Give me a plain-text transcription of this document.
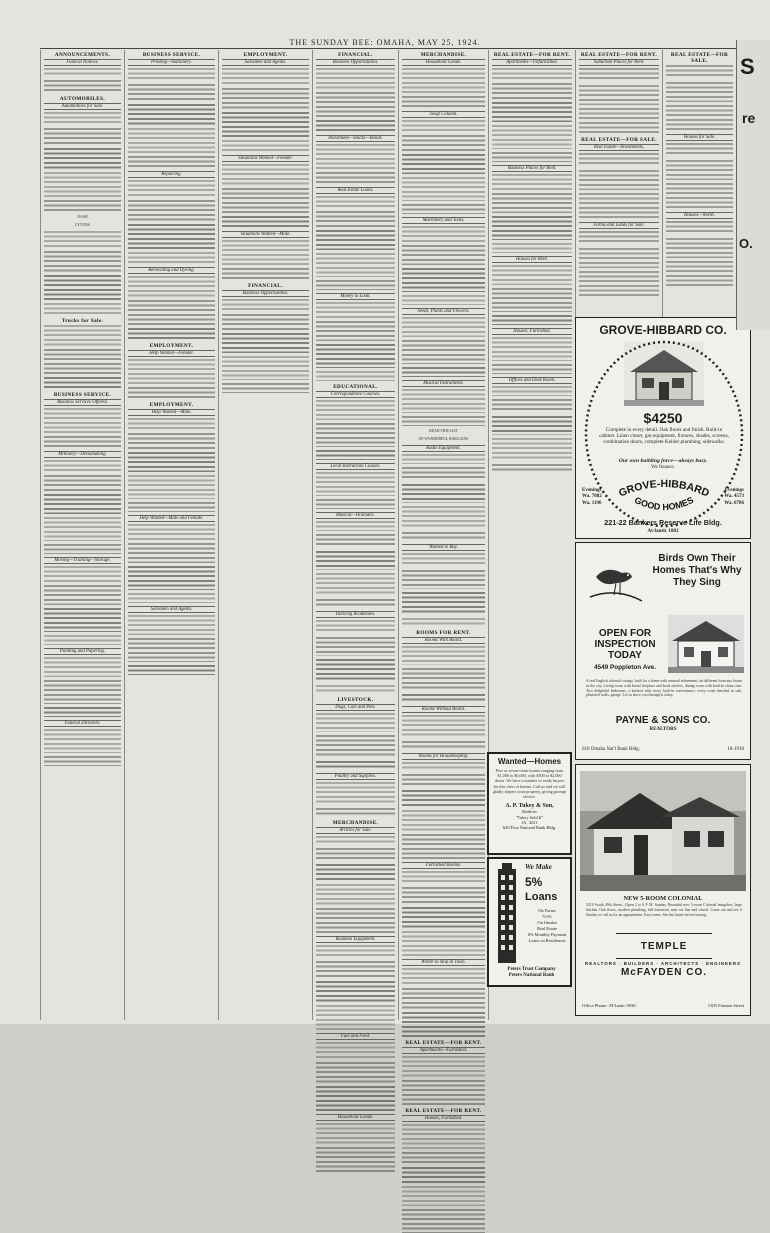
THE SUNDAY BEE: OMAHA, MAY 25, 1924.
ANNOUNCEMENTS.
Funeral Notices.
AUTOMOBILES.
Automobiles for Sale.
NASH
LYTONS
Trucks for Sale.
BUSINESS SERVICE.
Business Services Offered.
Millinery—Dressmaking.
Moving—Trucking—Storage.
Painting and Papering.
Funeral Directors.
BUSINESS SERVICE.
Printing—Stationery.
Repairing.
Renovating and Dyeing.
EMPLOYMENT.
Help Wanted—Female.
EMPLOYMENT.
Help Wanted—Male.
Help Wanted—Male and Female.
Salesmen and Agents.
EMPLOYMENT.
Salesmen and Agents.
Situations Wanted—Female.
Situations Wanted—Male.
FINANCIAL.
Business Opportunities.
FINANCIAL.
Business Opportunities.
Investment—Stocks—Bonds.
Real Estate Loans.
Money to Loan.
EDUCATIONAL.
Correspondence Courses.
Local Instruction Classes.
Musical—Dramatic.
Dancing Academies.
LIVESTOCK.
Dogs, Cats and Pets.
Poultry and Supplies.
MERCHANDISE.
Articles for Sale.
Business Equipment.
Fuel and Feed.
Household Goods.
MERCHANDISE.
Household Goods.
Swap Column.
Machinery and Tools.
Seeds, Plants and Flowers.
Musical Instruments.
READ THIS LIST
OF WONDERFUL BARGAINS
Radio Equipment.
Wanted to Buy.
ROOMS FOR RENT.
Rooms With Board.
Rooms Without Board.
Rooms for Housekeeping.
Furnished Rooms.
Where to Stop in Town.
REAL ESTATE—FOR RENT.
Apartments—Furnished.
REAL ESTATE—FOR RENT.
Houses, Furnished.
REAL ESTATE—FOR RENT.
Apartments—Unfurnished.
Business Places for Rent.
Houses for Rent.
Houses, Furnished.
Offices and Desk Room.
REAL ESTATE—FOR RENT.
Suburban Places for Rent.
REAL ESTATE—FOR SALE.
Real Estate—Investments.
Farms and Lands for Sale.
REAL ESTATE—FOR SALE.
Houses for Sale.
Houses—North.
GROVE-HIBBARD CO.
$4250
Complete in every detail. Oak floors and finish. Built-in cabinet. Linen closet, gas equipment, fixtures, shades, screens, combination doors, complete Kohler plumbing, sidewalks.
Our own building force—always busy.
We finance.
GROVE-HIBBARD
GOOD HOMES
Evenings
Wa. 7082
Wa. 1196
Evenings
Wa. 4573
Wa. 0786
221-22 Bankers Reserve Life Bldg.
At-lantic 1882
Birds Own Their Homes That's Why They Sing
OPEN FOR INSPECTION TODAY
4549 Poppleton Ave.
A real English colonial cottage, built for a home with unusual refinement, set different from any house in the city. Living room with broad fireplace and book shelves, dining room with built-in china case. Two delightful bedrooms, a kitchen with every built-in convenience, every room finished in oak, plastered walls, garage. Let us show you through it today.
PAYNE & SONS CO.
REALTORS
610 Omaha Nat'l Bank Bldg.	JA 1910
NEW 5-ROOM COLONIAL
5210 South 49th Street—Open 2 to 6 P. M. Sunday. Beautiful new 5-room Colonial bungalow, large kitchen. Oak floors, modern plumbing, full basement, near car line and school. Come out and see it Sunday or call us for an appointment. Easy terms. See this home before buying.
TEMPLE McFAYDEN CO.
REALTORS · BUILDERS · ARCHITECTS · ENGINEERS
Office Phone: AT-lantic 0930	1505 Farnam Street
Wanted—Homes
Five or seven-room homes ranging from $1,000 to $6,000, with $300 to $2,000 down. We have a number of ready buyers for this class of homes. Call us and we will gladly inspect your property, giving prompt service.
A. P. Tukey & Son,
Realtors
"Tukey Sold It"
JA. 4231
620 First National Bank Bldg.
We Make
5%
Loans
On Farms
5½%
On Omaha
Real Estate
6% Monthly Payment
Loans on Residences
Peters Trust Company
Peters National Bank
S
re
O.
